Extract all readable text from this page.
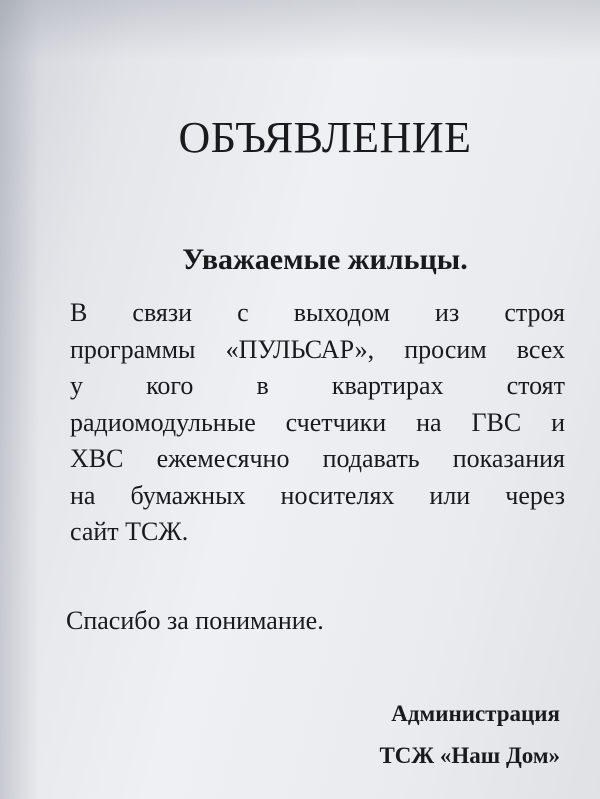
ОБЪЯВЛЕНИЕ
Уважаемые жильцы.
В связи с выходом из строя
программы «ПУЛЬСАР», просим всех
у кого в квартирах стоят
радиомодульные счетчики на ГВС и
ХВС ежемесячно подавать показания
на бумажных носителях или через
сайт ТСЖ.
Спасибо за понимание.
Администрация
ТСЖ «Наш Дом»
